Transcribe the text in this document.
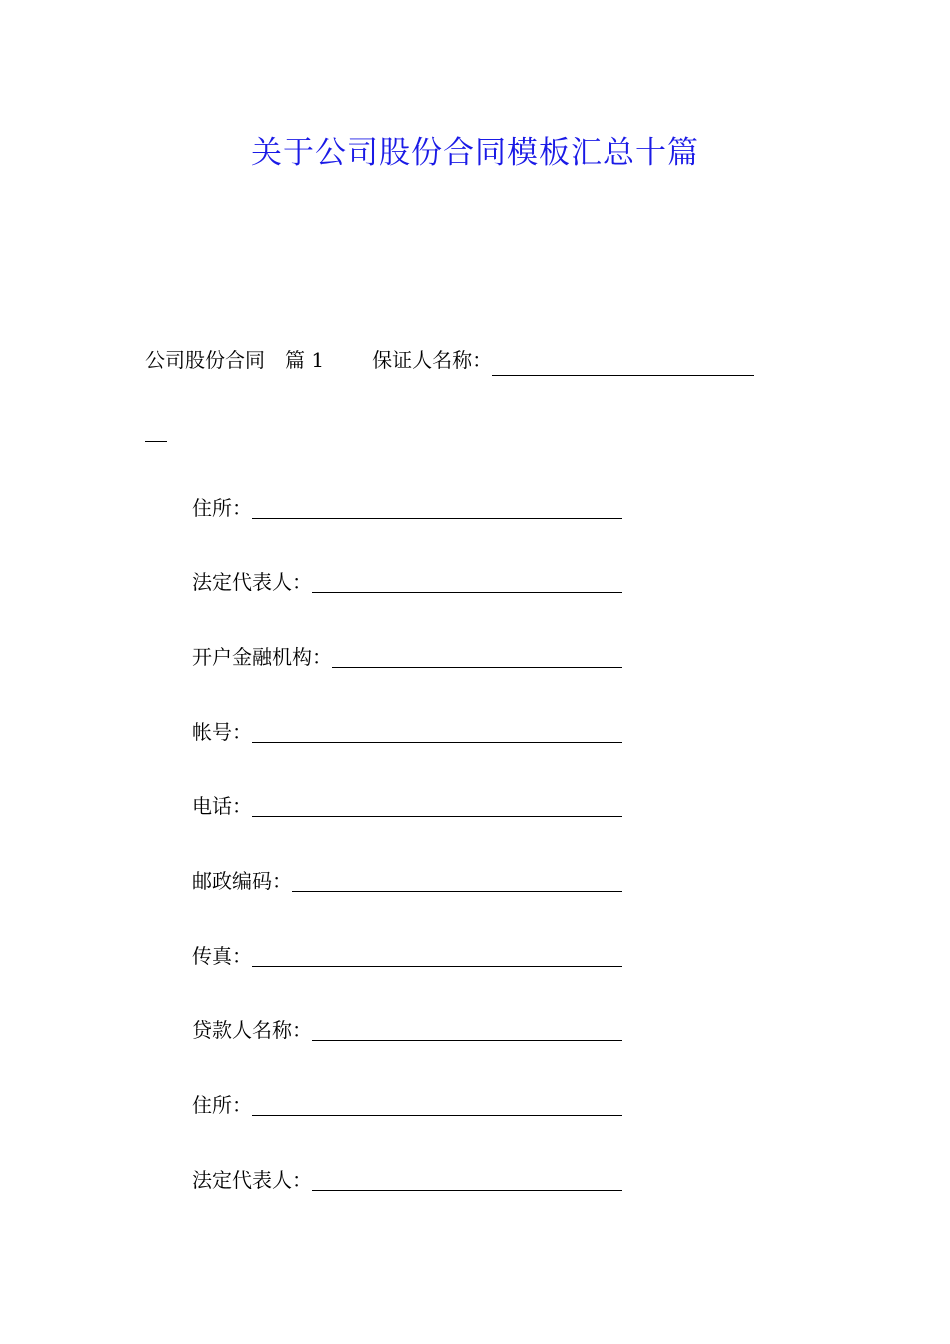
关于公司股份合同模板汇总十篇
公司股份合同 篇 1 保证人名称：
住所：
法定代表人：
开户金融机构：
帐号：
电话：
邮政编码：
传真：
贷款人名称：
住所：
法定代表人：
